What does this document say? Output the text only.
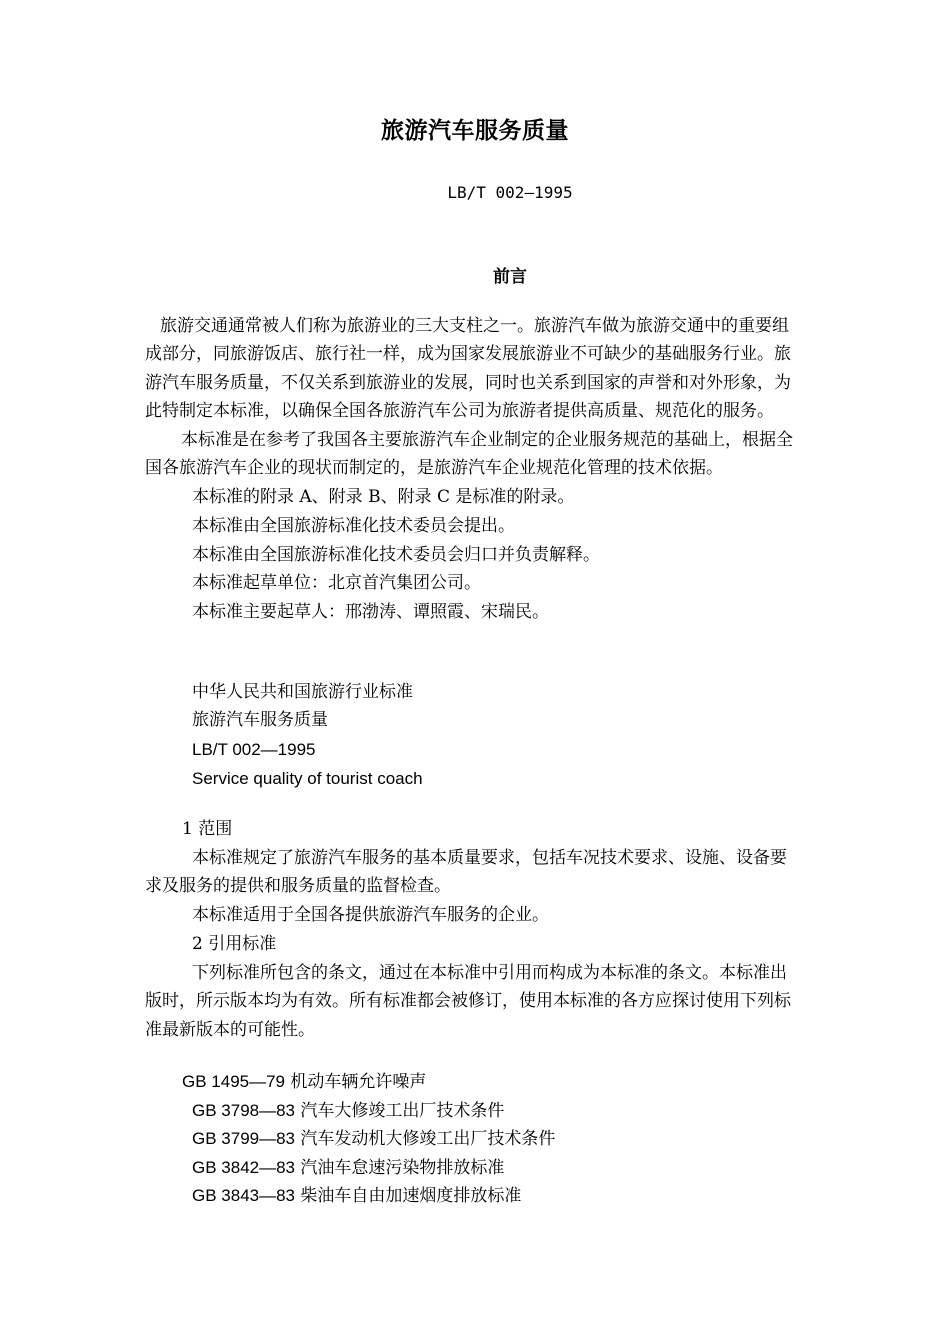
旅游汽车服务质量
LB/T 002—1995
前言
旅游交通通常被人们称为旅游业的三大支柱之一。旅游汽车做为旅游交通中的重要组
成部分，同旅游饭店、旅行社一样，成为国家发展旅游业不可缺少的基础服务行业。旅
游汽车服务质量，不仅关系到旅游业的发展，同时也关系到国家的声誉和对外形象，为
此特制定本标准，以确保全国各旅游汽车公司为旅游者提供高质量、规范化的服务。
本标准是在参考了我国各主要旅游汽车企业制定的企业服务规范的基础上，根据全
国各旅游汽车企业的现状而制定的，是旅游汽车企业规范化管理的技术依据。
本标准的附录 A、附录 B、附录 C 是标准的附录。
本标准由全国旅游标准化技术委员会提出。
本标准由全国旅游标准化技术委员会归口并负责解释。
本标准起草单位：北京首汽集团公司。
本标准主要起草人：邢渤涛、谭照霞、宋瑞民。
中华人民共和国旅游行业标准
旅游汽车服务质量
LB/T 002—1995
Service quality of tourist coach
1 范围
本标准规定了旅游汽车服务的基本质量要求，包括车况技术要求、设施、设备要
求及服务的提供和服务质量的监督检查。
本标准适用于全国各提供旅游汽车服务的企业。
2 引用标准
下列标准所包含的条文，通过在本标准中引用而构成为本标准的条文。本标准出
版时，所示版本均为有效。所有标准都会被修订，使用本标准的各方应探讨使用下列标
准最新版本的可能性。
GB 1495—79 机动车辆允许噪声
GB 3798—83 汽车大修竣工出厂技术条件
GB 3799—83 汽车发动机大修竣工出厂技术条件
GB 3842—83 汽油车怠速污染物排放标准
GB 3843—83 柴油车自由加速烟度排放标准
